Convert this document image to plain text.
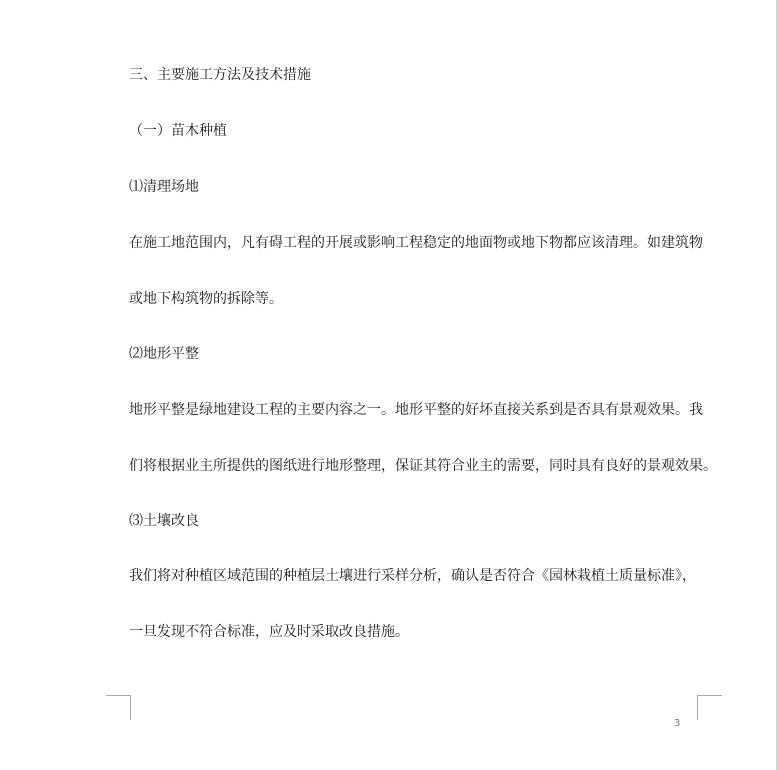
三、主要施工方法及技术措施
（一）苗木种植
⑴清理场地
在施工地范围内，凡有碍工程的开展或影响工程稳定的地面物或地下物都应该清理。如建筑物
或地下构筑物的拆除等。
⑵地形平整
地形平整是绿地建设工程的主要内容之一。地形平整的好坏直接关系到是否具有景观效果。我
们将根据业主所提供的图纸进行地形整理，保证其符合业主的需要，同时具有良好的景观效果。
⑶土壤改良
我们将对种植区域范围的种植层土壤进行采样分析，确认是否符合《园林栽植土质量标准》，
一旦发现不符合标准，应及时采取改良措施。
3
